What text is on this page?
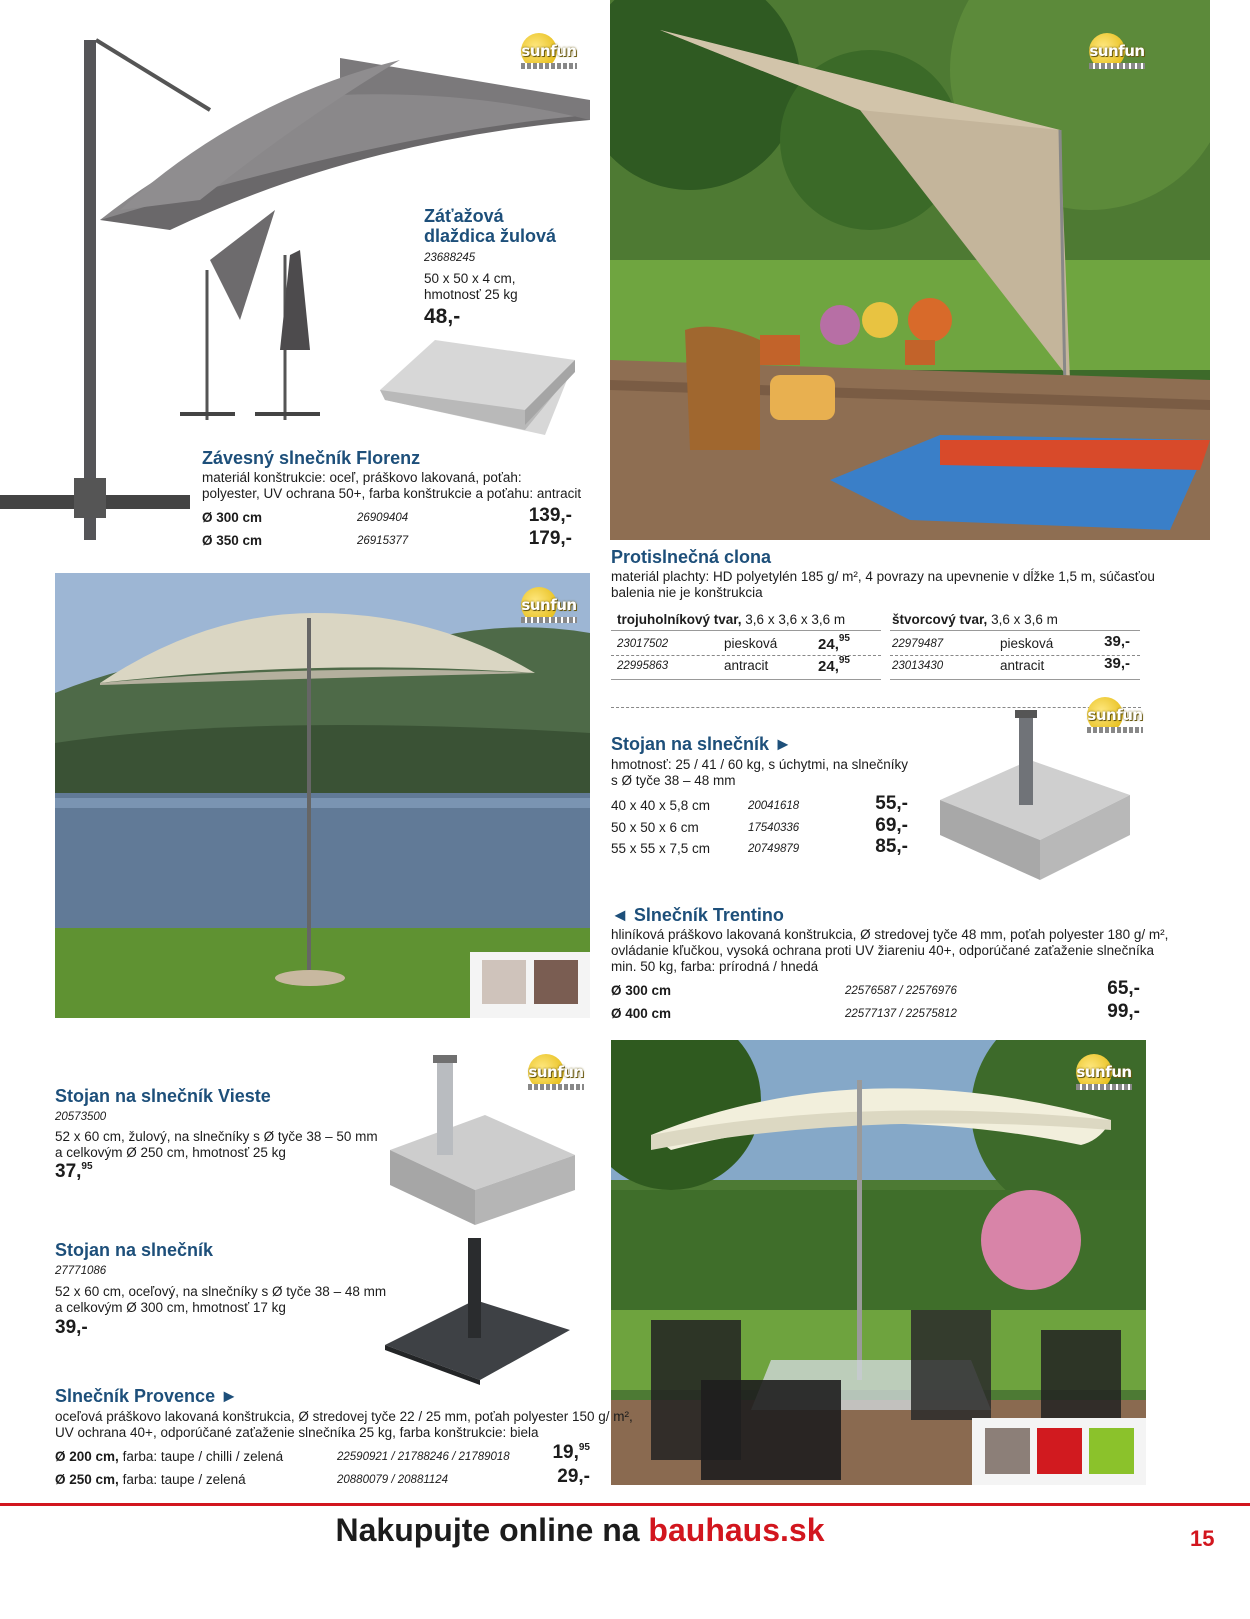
sunfun
Záťažová
dlaždica žulová
23688245
50 x 50 x 4 cm,
hmotnosť 25 kg
48,-
Závesný slnečník Florenz
materiál konštrukcie: oceľ, práškovo lakovaná, poťah: polyester, UV ochrana 50+, farba konštrukcie a poťahu: antracit
Ø 300 cm	26909404	139,-
Ø 350 cm	26915377	179,-
sunfun
Protislnečná clona
materiál plachty: HD polyetylén 185 g/ m², 4 povrazy na upevnenie v dĺžke 1,5 m, súčasťou
balenia nie je konštrukcia
trojuholníkový tvar, 3,6 x 3,6 x 3,6 m	štvorcový tvar, 3,6 x 3,6 m
23017502	piesková	24,95
22995863	antracit	24,95
22979487	piesková	39,-
23013430	antracit	39,-
Stojan na slnečník ►
hmotnosť: 25 / 41 / 60 kg, s úchytmi, na slnečníky
s Ø tyče 38 – 48 mm
40 x 40 x 5,8 cm	20041618	55,-
50 x 50 x 6 cm	17540336	69,-
55 x 55 x 7,5 cm	20749879	85,-
sunfun
sunfun
◄ Slnečník Trentino
hliníková práškovo lakovaná konštrukcia, Ø stredovej tyče 48 mm, poťah polyester 180 g/ m²,
ovládanie kľučkou, vysoká ochrana proti UV žiareniu 40+, odporúčané zaťaženie slnečníka
min. 50 kg, farba: prírodná / hnedá
Ø 300 cm	22576587 / 22576976	65,-
Ø 400 cm	22577137 / 22575812	99,-
sunfun
Stojan na slnečník Vieste
20573500
52 x 60 cm, žulový, na slnečníky s Ø tyče 38 – 50 mm
a celkovým Ø 250 cm, hmotnosť 25 kg
37,95
sunfun
Stojan na slnečník
27771086
52 x 60 cm, oceľový, na slnečníky s Ø tyče 38 – 48 mm
a celkovým Ø 300 cm, hmotnosť 17 kg
39,-
Slnečník Provence ►
oceľová práškovo lakovaná konštrukcia, Ø stredovej tyče 22 / 25 mm, poťah polyester 150 g/ m²,
UV ochrana 40+, odporúčané zaťaženie slnečníka 25 kg, farba konštrukcie: biela
Ø 200 cm, farba: taupe / chilli / zelená	22590921 / 21788246 / 21789018	19,95
Ø 250 cm, farba: taupe / zelená	20880079 / 20881124	29,-
Nakupujte online na bauhaus.sk	15
